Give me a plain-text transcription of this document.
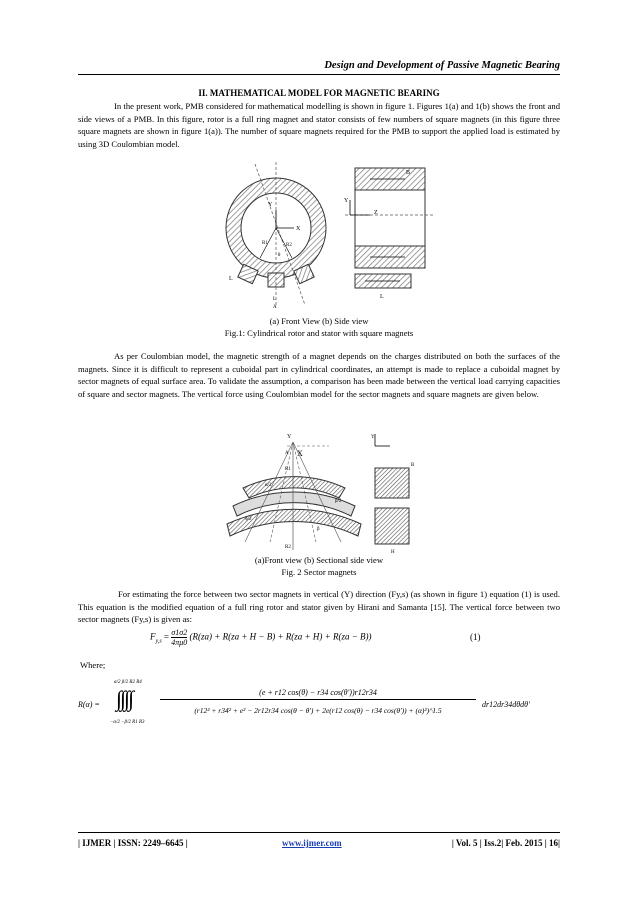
Design and Development of Passive Magnetic Bearing
II. MATHEMATICAL MODEL FOR MAGNETIC BEARING

In the present work, PMB considered for mathematical modelling is shown in figure 1. Figures 1(a) and 1(b) shows the front and side views of a PMB. In this figure, rotor is a full ring magnet and stator consists of few numbers of square magnets (in this figure three square magnets are shown in figure 1(a)). The number of square magnets required for the PMB to support the applied load is estimated by using 3D Coulombian model.

Y
X
R1	R2
θ
L
L
A
B
Y
Z
L
(a) Front View (b) Side view
Fig.1: Cylindrical rotor and stator with square magnets

As per Coulombian model, the magnetic strength of a magnet depends on the charges distributed on both the surfaces of the magnets. Since it is difficult to represent a cuboidal part in cylindrical coordinates, an attempt is made to replace a cuboidal magnet by sector magnets of equal surface area. To validate the assumption, a comparison has been made between the vertical load carrying capacities of square and sector magnets. The vertical force using Coulombian model for the sector magnets and square magnets are given below.

Y
X
A
R1
α/2
β/2
ϕ/2
R2
β
Y
B
H
(a)Front view (b) Sectional side view
Fig. 2 Sector magnets

For estimating the force between two sector magnets in vertical (Y) direction (Fy,s) (as shown in figure 1) equation (1) is used. This equation is the modified equation of a full ring rotor and stator given by Hirani and Samanta [15]. The vertical force between two sector magnets (Fy,s) is given as:

$F_{y,s} = \frac{\sigma 1\sigma 2}{4\pi\mu 0} (R(za) + R(za + H - B) + R(za + H) + R(za - B))$	(1)
Where;
R(α) =
α/2 β/2 R2 R4
∫∫∫∫
−α/2 −β/2 R1 R3
(e + r12 cos(θ) − r34 cos(θ'))r12r34
(r12² + r34² + e² − 2r12r34 cos(θ − θ') + 2e(r12 cos(θ) − r34 cos(θ')) + (α)²)^1.5
dr12dr34dθdθ'
| IJMER | ISSN: 2249–6645 |	www.ijmer.com	| Vol. 5 | Iss.2| Feb. 2015 | 16|
